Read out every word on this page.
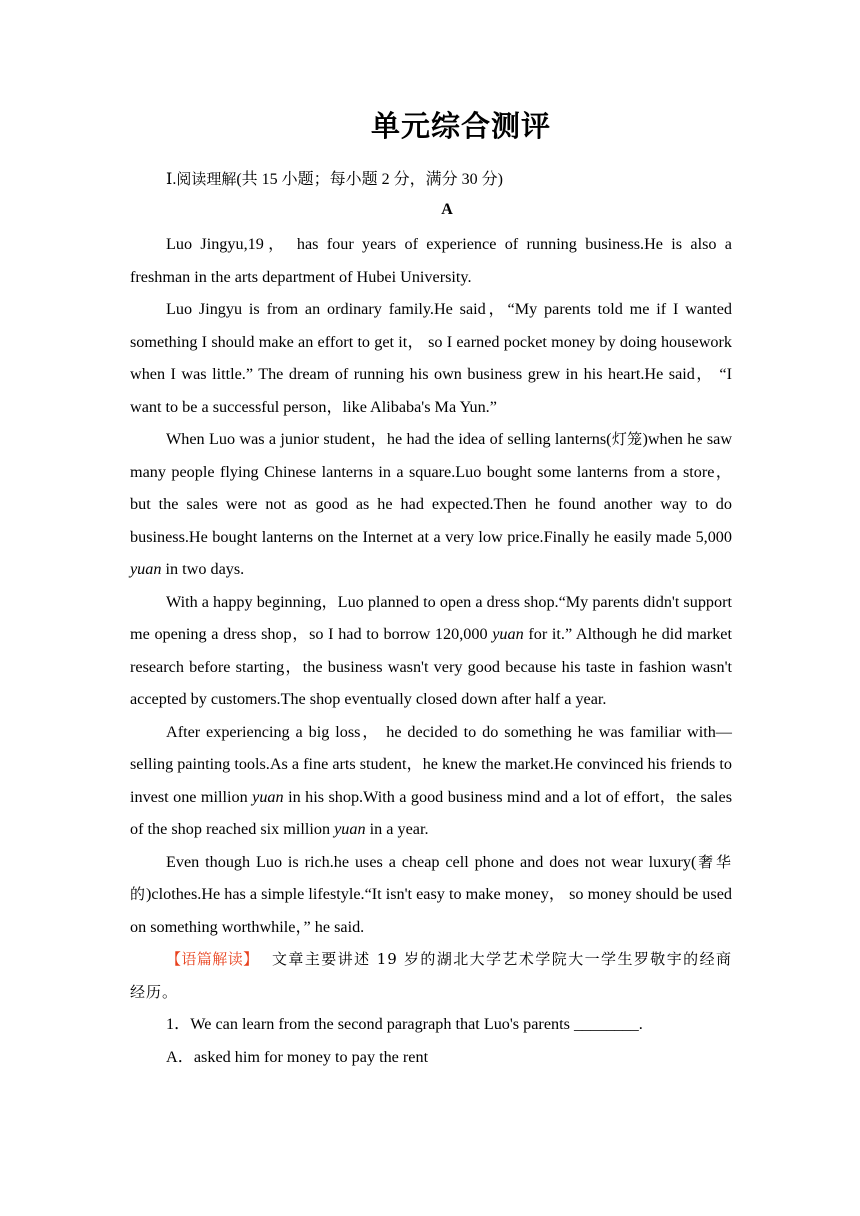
单元综合测评
Ⅰ.阅读理解(共 15 小题；每小题 2 分，满分 30 分)
A

Luo Jingyu,19， has four years of experience of running business.He is also a freshman in the arts department of Hubei University.

Luo Jingyu is from an ordinary family.He said，“My parents told me if I wanted something I should make an effort to get it， so I earned pocket money by doing housework when I was little.” The dream of running his own business grew in his heart.He said， “I want to be a successful person，like Alibaba's Ma Yun.”

When Luo was a junior student，he had the idea of selling lanterns(灯笼)when he saw many people flying Chinese lanterns in a square.Luo bought some lanterns from a store，but the sales were not as good as he had expected.Then he found another way to do business.He bought lanterns on the Internet at a very low price.Finally he easily made 5,000 yuan in two days.

With a happy beginning，Luo planned to open a dress shop.“My parents didn't support me opening a dress shop，so I had to borrow 120,000 yuan for it.” Although he did market research before starting，the business wasn't very good because his taste in fashion wasn't accepted by customers.The shop eventually closed down after half a year.

After experiencing a big loss， he decided to do something he was familiar with—selling painting tools.As a fine arts student，he knew the market.He convinced his friends to invest one million yuan in his shop.With a good business mind and a lot of effort，the sales of the shop reached six million yuan in a year.

Even though Luo is rich.he uses a cheap cell phone and does not wear luxury(奢华的)clothes.He has a simple lifestyle.“It isn't easy to make money， so money should be used on something worthwhile，” he said.

【语篇解读】 文章主要讲述 19 岁的湖北大学艺术学院大一学生罗敬宇的经商经历。

1．We can learn from the second paragraph that Luo's parents ________.

A．asked him for money to pay the rent
